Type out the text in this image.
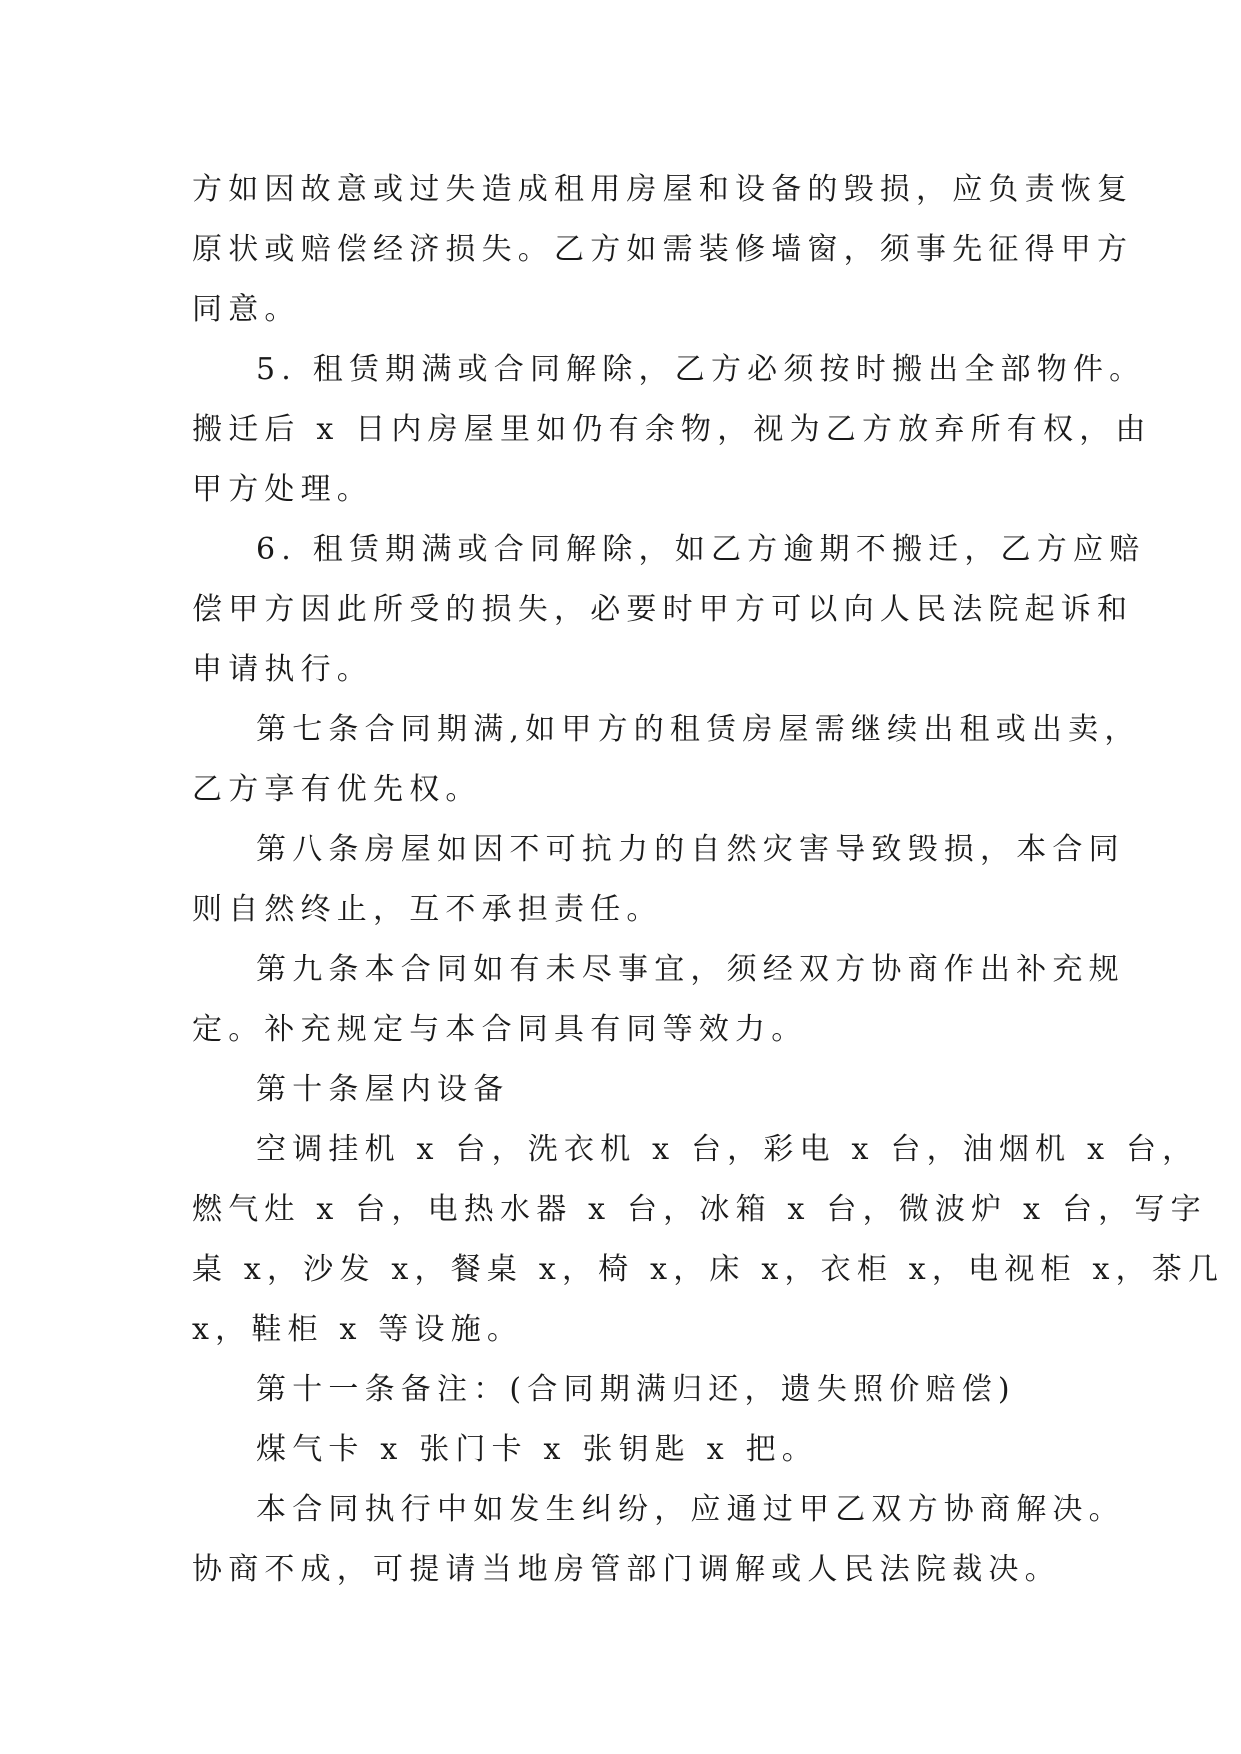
方如因故意或过失造成租用房屋和设备的毁损，应负责恢复
原状或赔偿经济损失。乙方如需装修墙窗，须事先征得甲方
同意。
5. 租赁期满或合同解除，乙方必须按时搬出全部物件。
搬迁后 x 日内房屋里如仍有余物，视为乙方放弃所有权，由
甲方处理。
6. 租赁期满或合同解除，如乙方逾期不搬迁，乙方应赔
偿甲方因此所受的损失，必要时甲方可以向人民法院起诉和
申请执行。
第七条合同期满,如甲方的租赁房屋需继续出租或出卖，
乙方享有优先权。
第八条房屋如因不可抗力的自然灾害导致毁损，本合同
则自然终止，互不承担责任。
第九条本合同如有未尽事宜，须经双方协商作出补充规
定。补充规定与本合同具有同等效力。
第十条屋内设备
空调挂机 x 台，洗衣机 x 台，彩电 x 台，油烟机 x 台，
燃气灶 x 台，电热水器 x 台，冰箱 x 台，微波炉 x 台，写字
桌 x，沙发 x，餐桌 x，椅 x，床 x，衣柜 x，电视柜 x，茶几
x，鞋柜 x 等设施。
第十一条备注：(合同期满归还，遗失照价赔偿)
煤气卡 x 张门卡 x 张钥匙 x 把。
本合同执行中如发生纠纷，应通过甲乙双方协商解决。
协商不成，可提请当地房管部门调解或人民法院裁决。
